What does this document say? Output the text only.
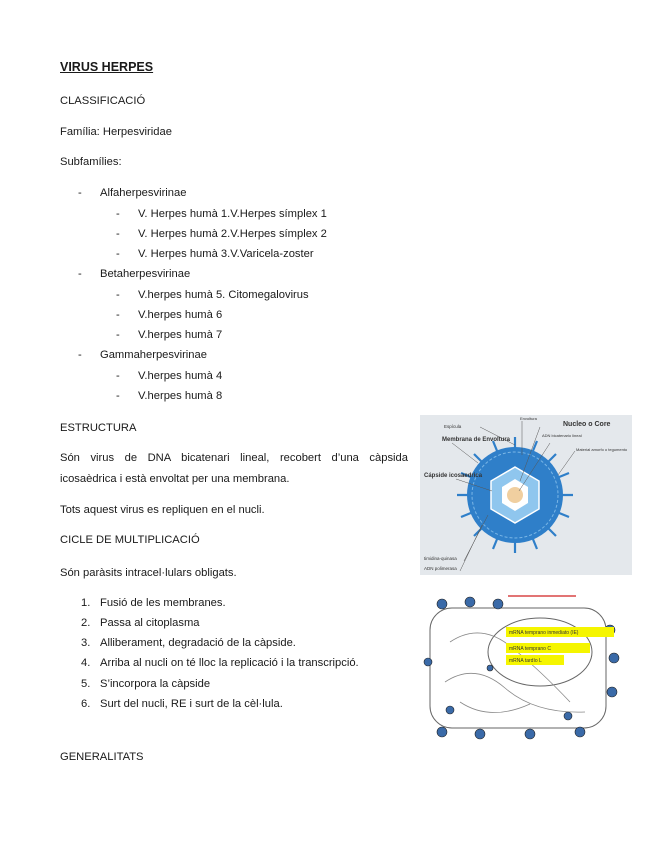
VIRUS HERPES
CLASSIFICACIÓ
Família: Herpesviridae
Subfamílies:
- Alfaherpesvirinae
- V. Herpes humà 1.V.Herpes símplex 1
- V. Herpes humà 2.V.Herpes símplex 2
- V. Herpes humà 3.V.Varicela-zoster
- Betaherpesvirinae
- V.herpes humà 5. Citomegalovirus
- V.herpes humà 6
- V.herpes humà 7
- Gammaherpesvirinae
- V.herpes humà 4
- V.herpes humà 8
ESTRUCTURA
Són virus de DNA bicatenari lineal, recobert d’una càpsida
icosaèdrica i està envoltat per una membrana.
Tots aquest virus es repliquen en el nucli.
CICLE DE MULTIPLICACIÓ
Són paràsits intracel·lulars obligats.
1. Fusió de les membranes.
2. Passa al citoplasma
3. Alliberament, degradació de la càpside.
4. Arriba al nucli on té lloc la replicació i la transcripció.
5. S’incorpora la càpside
6. Surt del nucli, RE i surt de la cèl·lula.
GENERALITATS
Espícula
Envoltura
Nucleo o Core
ADN bicatenario lineal
Material amorfo o tegumento
Membrana de Envoltura
Cápside icosaedrica
timidina-quinasa
ADN polimerasa
mRNA temprano inmediato (IE)
mRNA temprano C
mRNA tardío L
